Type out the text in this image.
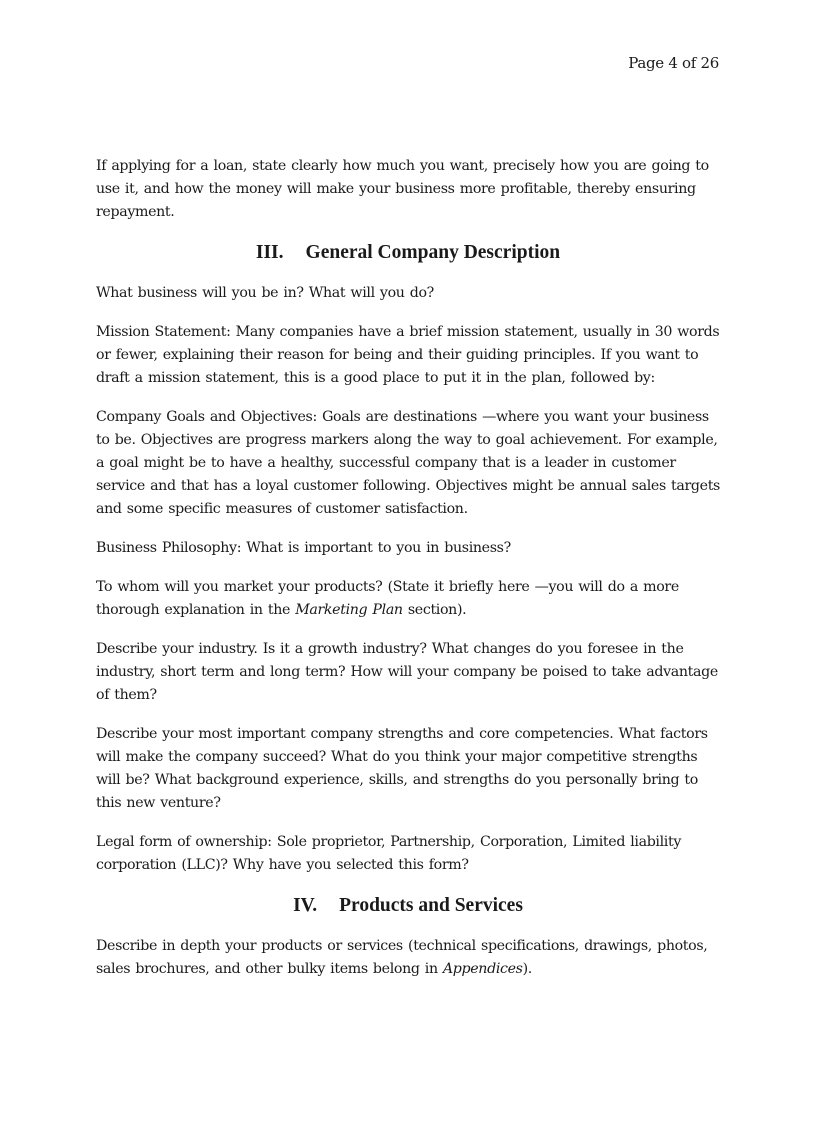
Page 4 of 26

If applying for a loan, state clearly how much you want, precisely how you are going to use it, and how the money will make your business more profitable, thereby ensuring repayment.

III. General Company Description

What business will you be in? What will you do?

Mission Statement: Many companies have a brief mission statement, usually in 30 words or fewer, explaining their reason for being and their guiding principles. If you want to draft a mission statement, this is a good place to put it in the plan, followed by:

Company Goals and Objectives: Goals are destinations —where you want your business to be. Objectives are progress markers along the way to goal achievement. For example, a goal might be to have a healthy, successful company that is a leader in customer service and that has a loyal customer following. Objectives might be annual sales targets and some specific measures of customer satisfaction.

Business Philosophy: What is important to you in business?

To whom will you market your products? (State it briefly here —you will do a more thorough explanation in the Marketing Plan section).

Describe your industry. Is it a growth industry? What changes do you foresee in the industry, short term and long term? How will your company be poised to take advantage of them?

Describe your most important company strengths and core competencies. What factors will make the company succeed? What do you think your major competitive strengths will be? What background experience, skills, and strengths do you personally bring to this new venture?

Legal form of ownership: Sole proprietor, Partnership, Corporation, Limited liability corporation (LLC)? Why have you selected this form?

IV. Products and Services

Describe in depth your products or services (technical specifications, drawings, photos, sales brochures, and other bulky items belong in Appendices).
